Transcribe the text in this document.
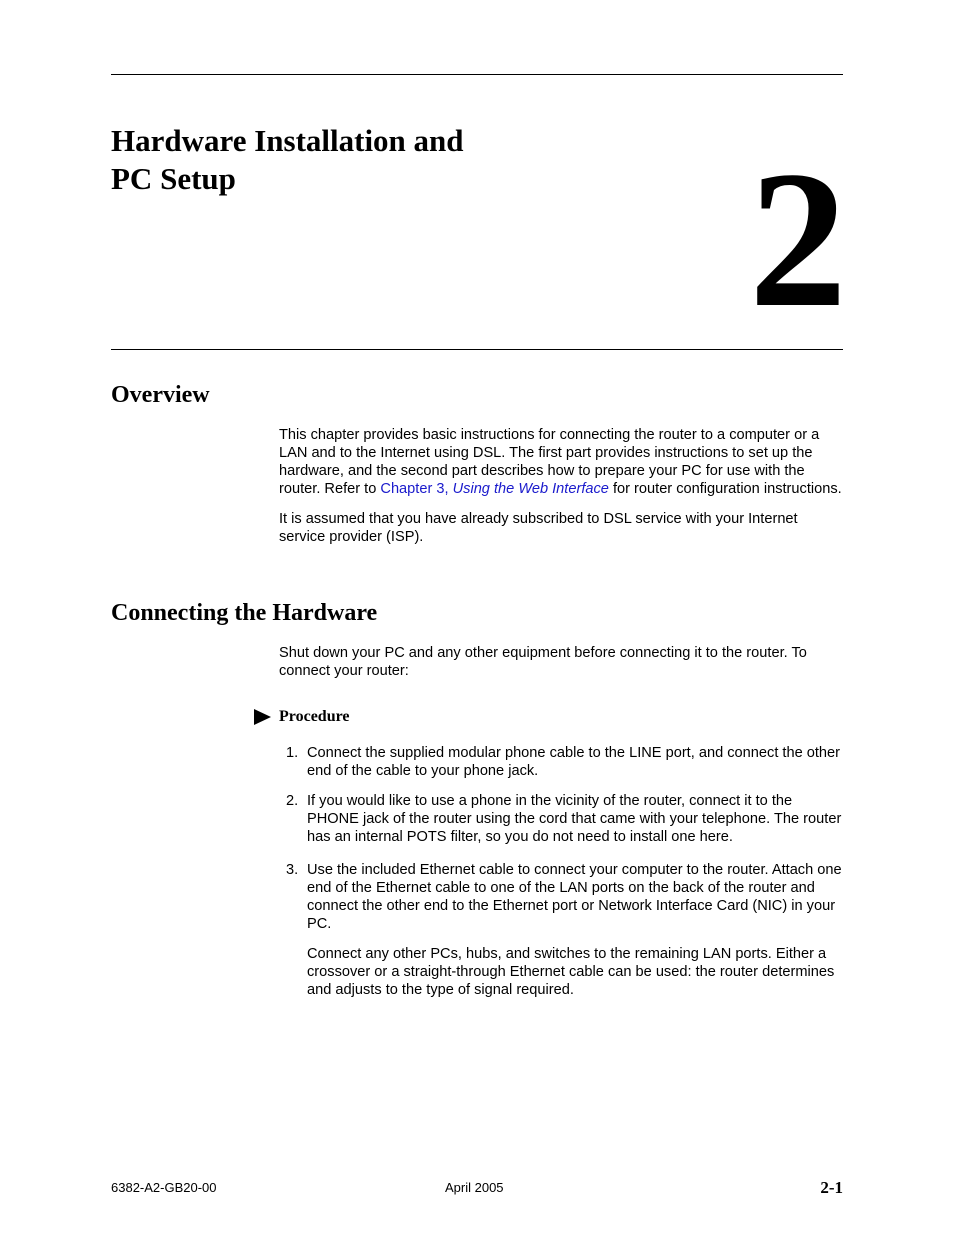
Hardware Installation and
PC Setup	2
Overview

This chapter provides basic instructions for connecting the router to a computer or a LAN and to the Internet using DSL. The first part provides instructions to set up the hardware, and the second part describes how to prepare your PC for use with the router. Refer to Chapter 3, Using the Web Interface for router configuration instructions.

It is assumed that you have already subscribed to DSL service with your Internet service provider (ISP).

Connecting the Hardware
Shut down your PC and any other equipment before connecting it to the router. To connect your router:
Procedure
1. Connect the supplied modular phone cable to the LINE port, and connect the other end of the cable to your phone jack.
2. If you would like to use a phone in the vicinity of the router, connect it to the PHONE jack of the router using the cord that came with your telephone. The router has an internal POTS filter, so you do not need to install one here.
3. Use the included Ethernet cable to connect your computer to the router. Attach one end of the Ethernet cable to one of the LAN ports on the back of the router and connect the other end to the Ethernet port or Network Interface Card (NIC) in your PC.

Connect any other PCs, hubs, and switches to the remaining LAN ports. Either a crossover or a straight-through Ethernet cable can be used: the router determines and adjusts to the type of signal required.

6382-A2-GB20-00	April 2005	2-1
